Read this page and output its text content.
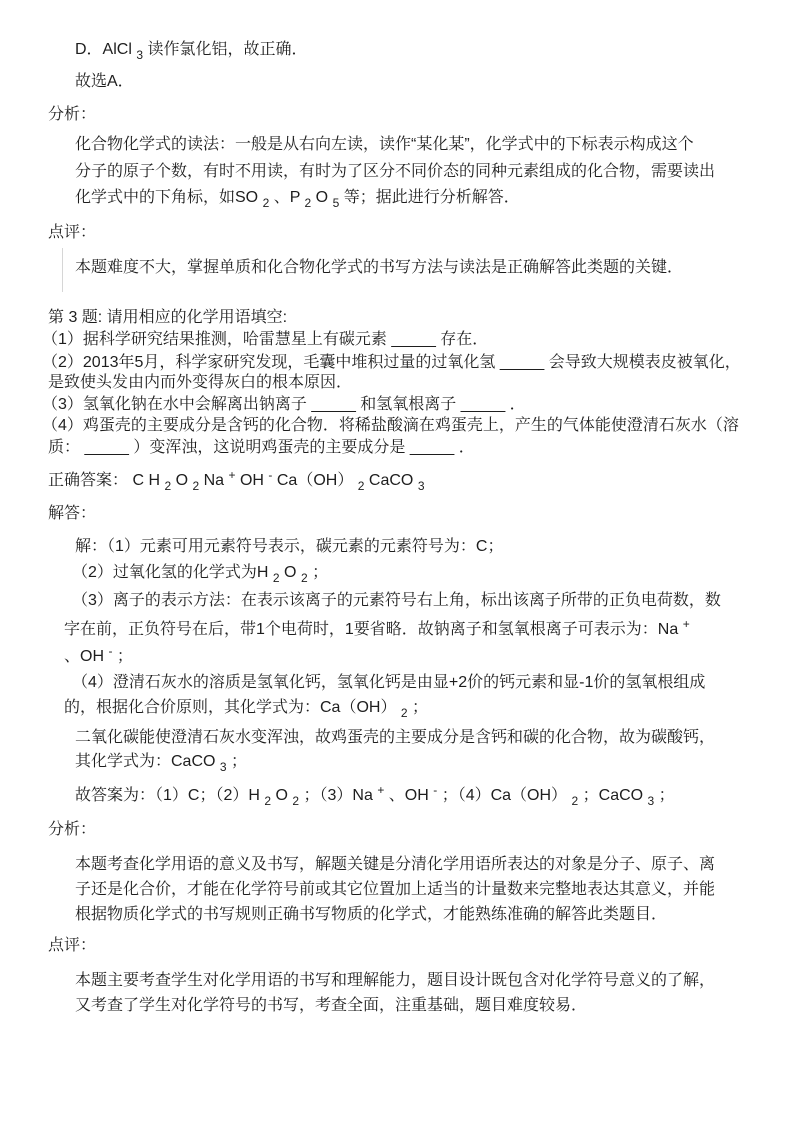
D．AlCl $_3$ 读作氯化铝，故正确．
故选A．
分析：
化合物化学式的读法：一般是从右向左读，读作“某化某”，化学式中的下标表示构成这个
分子的原子个数，有时不用读，有时为了区分不同价态的同种元素组成的化合物，需要读出
化学式中的下角标，如SO $_2$ 、P $_2$ O $_5$ 等；据此进行分析解答．
点评：
本题难度不大，掌握单质和化合物化学式的书写方法与读法是正确解答此类题的关键．
第 3 题: 请用相应的化学用语填空:
（1）据科学研究结果推测，哈雷慧星上有碳元素 _____ 存在．
（2）2013年5月，科学家研究发现，毛囊中堆积过量的过氧化氢 _____ 会导致大规模表皮被氧化，
是致使头发由内而外变得灰白的根本原因．
（3）氢氧化钠在水中会解离出钠离子 _____ 和氢氧根离子 _____ ．
（4）鸡蛋壳的主要成分是含钙的化合物．将稀盐酸滴在鸡蛋壳上，产生的气体能使澄清石灰水（溶
质： _____ ）变浑浊，这说明鸡蛋壳的主要成分是 _____ ．
正确答案： C H $_2$ O $_2$ Na + OH - Ca（OH） $_2$ CaCO $_3$
解答：
解：（1）元素可用元素符号表示，碳元素的元素符号为：C；
（2）过氧化氢的化学式为H $_2$ O $_2$ ；
（3）离子的表示方法：在表示该离子的元素符号右上角，标出该离子所带的正负电荷数，数
字在前，正负符号在后，带1个电荷时，1要省略．故钠离子和氢氧根离子可表示为：Na +
、OH - ；
（4）澄清石灰水的溶质是氢氧化钙，氢氧化钙是由显+2价的钙元素和显-1价的氢氧根组成
的，根据化合价原则，其化学式为：Ca（OH） $_2$ ；
二氧化碳能使澄清石灰水变浑浊，故鸡蛋壳的主要成分是含钙和碳的化合物，故为碳酸钙，
其化学式为：CaCO $_3$ ；
故答案为：（1）C；（2）H $_2$ O $_2$ ；（3）Na + 、OH - ；（4）Ca（OH） $_2$ ；CaCO $_3$ ；
分析：
本题考查化学用语的意义及书写，解题关键是分清化学用语所表达的对象是分子、原子、离
子还是化合价，才能在化学符号前或其它位置加上适当的计量数来完整地表达其意义，并能
根据物质化学式的书写规则正确书写物质的化学式，才能熟练准确的解答此类题目．
点评：
本题主要考查学生对化学用语的书写和理解能力，题目设计既包含对化学符号意义的了解，
又考查了学生对化学符号的书写，考查全面，注重基础，题目难度较易．
